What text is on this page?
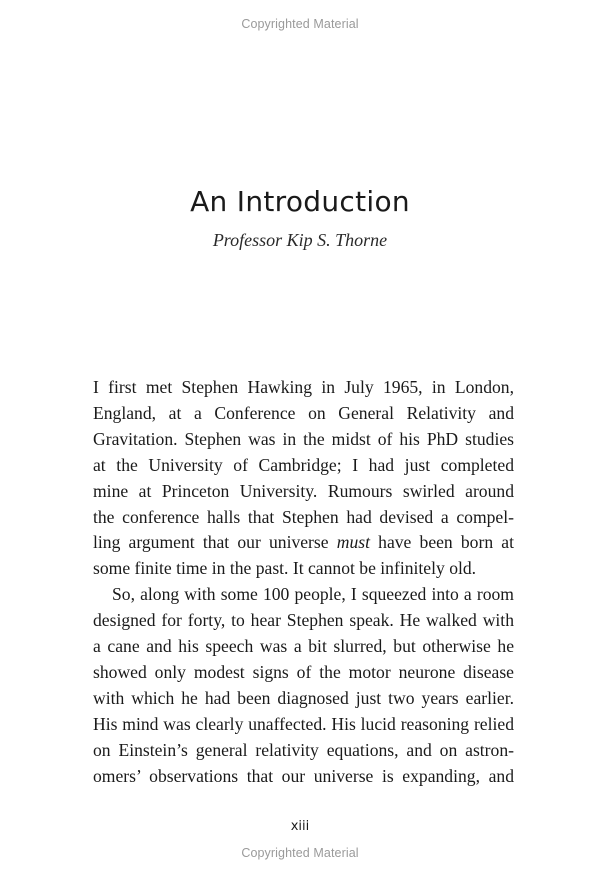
Copyrighted Material
An Introduction
Professor Kip S. Thorne

I first met Stephen Hawking in July 1965, in London,
England, at a Conference on General Relativity and
Gravitation. Stephen was in the midst of his PhD studies
at the University of Cambridge; I had just completed
mine at Princeton University. Rumours swirled around
the conference halls that Stephen had devised a compel-
ling argument that our universe must have been born at
some finite time in the past. It cannot be infinitely old.

So, along with some 100 people, I squeezed into a room
designed for forty, to hear Stephen speak. He walked with
a cane and his speech was a bit slurred, but otherwise he
showed only modest signs of the motor neurone disease
with which he had been diagnosed just two years earlier.
His mind was clearly unaffected. His lucid reasoning relied
on Einstein’s general relativity equations, and on astron-
omers’ observations that our universe is expanding, and

xiii
Copyrighted Material
